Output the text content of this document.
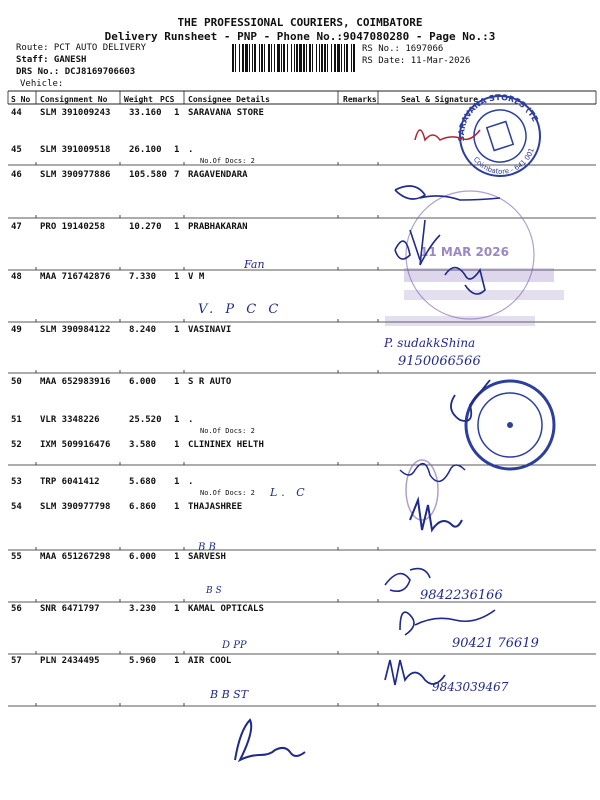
THE PROFESSIONAL COURIERS, COIMBATORE
Delivery Runsheet - PNP - Phone No.:9047080280 - Page No.:3
Route: PCT AUTO DELIVERY
Staff: GANESH
DRS No.: DCJ8169706603
Vehicle:
RS No.: 1697066
RS Date: 11-Mar-2026
S No Consignment No Weight PCS Consignee Details	Remarks	Seal & Signature
44 SLM 391009243 33.160 1 SARAVANA STORE
45 SLM 391009518 26.100 1 .
No.Of Docs: 2
46 SLM 390977886 105.580 7 RAGAVENDARA
47 PRO 19140258	10.270 1 PRABHAKARAN
48 MAA 716742876 7.330 1 V M
49 SLM 390984122 8.240 1 VASINAVI
50 MAA 652983916 6.000 1 S R AUTO
51 VLR 3348226	25.520 1 .
No.Of Docs: 2
52 IXM 509916476 3.580 1 CLININEX HELTH
53 TRP 6041412	5.680 1 .
No.Of Docs: 2
54 SLM 390977798 6.860 1 THAJASHREE
55 MAA 651267298 6.000 1 SARVESH
56 SNR 6471797	3.230 1 KAMAL OPTICALS
57 PLN 2434495	5.960 1 AIR COOL
SARAVANA STORES (TEX)	Coimbatore - 641 001
11 MAR 2026
Fan
V. P C C
P. sudakkShina
9150066566
L. C
B B
B S	9842236166
D PP	90421 76619
B B ST
9843039467
